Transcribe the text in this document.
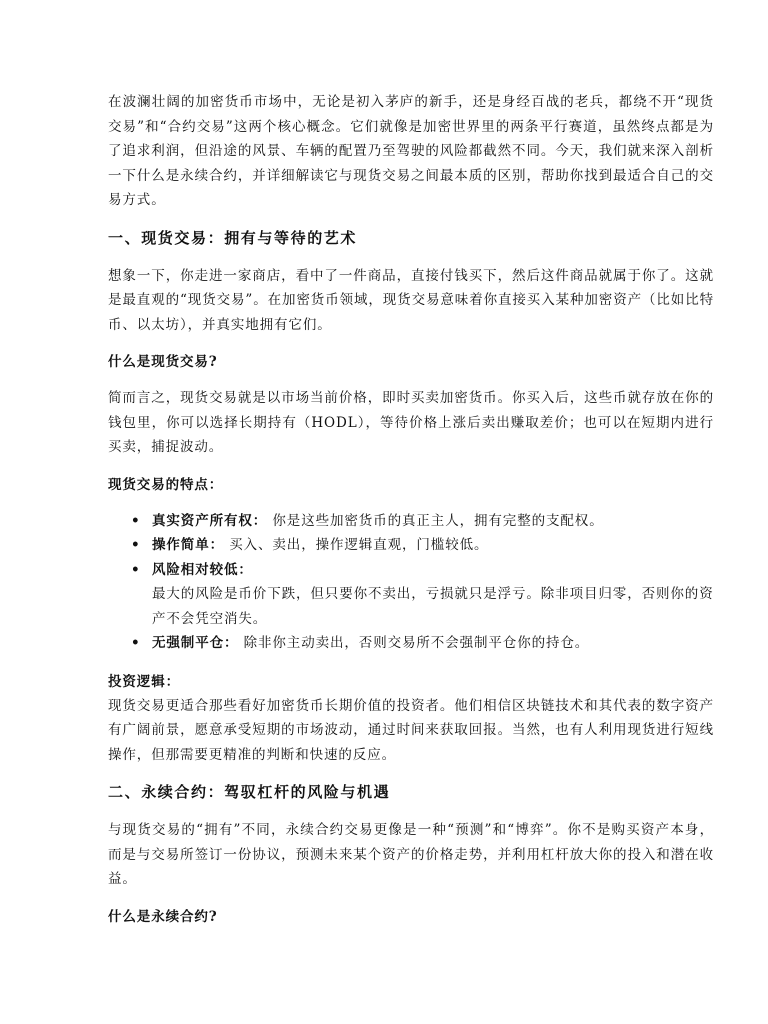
在波澜壮阔的加密货币市场中，无论是初入茅庐的新手，还是身经百战的老兵，都绕不开“现货交易”和“合约交易”这两个核心概念。它们就像是加密世界里的两条平行赛道，虽然终点都是为了追求利润，但沿途的风景、车辆的配置乃至驾驶的风险都截然不同。今天，我们就来深入剖析一下什么是永续合约，并详细解读它与现货交易之间最本质的区别，帮助你找到最适合自己的交易方式。

一、现货交易：拥有与等待的艺术

想象一下，你走进一家商店，看中了一件商品，直接付钱买下，然后这件商品就属于你了。这就是最直观的“现货交易”。在加密货币领域，现货交易意味着你直接买入某种加密资产（比如比特币、以太坊），并真实地拥有它们。

什么是现货交易?

简而言之，现货交易就是以市场当前价格，即时买卖加密货币。你买入后，这些币就存放在你的钱包里，你可以选择长期持有（HODL），等待价格上涨后卖出赚取差价；也可以在短期内进行买卖，捕捉波动。

现货交易的特点：
• 真实资产所有权： 你是这些加密货币的真正主人，拥有完整的支配权。
• 操作简单： 买入、卖出，操作逻辑直观，门槛较低。
• 风险相对较低：
最大的风险是币价下跌，但只要你不卖出，亏损就只是浮亏。除非项目归零，否则你的资产不会凭空消失。
• 无强制平仓： 除非你主动卖出，否则交易所不会强制平仓你的持仓。
投资逻辑：

现货交易更适合那些看好加密货币长期价值的投资者。他们相信区块链技术和其代表的数字资产有广阔前景，愿意承受短期的市场波动，通过时间来获取回报。当然，也有人利用现货进行短线操作，但那需要更精准的判断和快速的反应。

二、永续合约：驾驭杠杆的风险与机遇

与现货交易的“拥有”不同，永续合约交易更像是一种“预测”和“博弈”。你不是购买资产本身，而是与交易所签订一份协议，预测未来某个资产的价格走势，并利用杠杆放大你的投入和潜在收益。

什么是永续合约?
